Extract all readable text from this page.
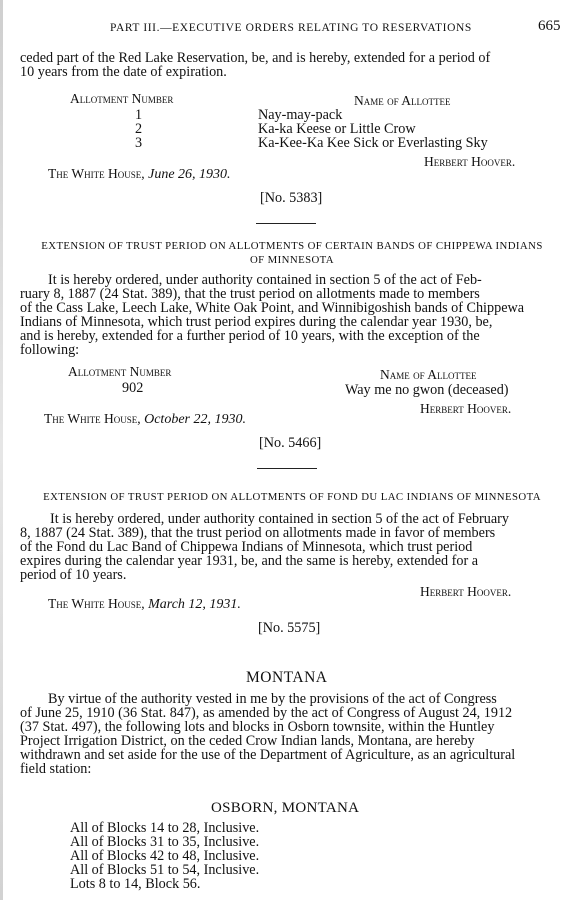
PART III.—EXECUTIVE ORDERS RELATING TO RESERVATIONS	665
ceded part of the Red Lake Reservation, be, and is hereby, extended for a period of
10 years from the date of expiration.
Allotment Number	Name of Allottee
1	Nay-may-pack
2	Ka-ka Keese or Little Crow
3	Ka-Kee-Ka Kee Sick or Everlasting Sky
Herbert Hoover.
The White House, June 26, 1930.
[No. 5383]
EXTENSION OF TRUST PERIOD ON ALLOTMENTS OF CERTAIN BANDS OF CHIPPEWA INDIANS
OF MINNESOTA
It is hereby ordered, under authority contained in section 5 of the act of Feb-
ruary 8, 1887 (24 Stat. 389), that the trust period on allotments made to members
of the Cass Lake, Leech Lake, White Oak Point, and Winnibigoshish bands of Chippewa
Indians of Minnesota, which trust period expires during the calendar year 1930, be,
and is hereby, extended for a further period of 10 years, with the exception of the
following:
Allotment Number	Name of Allottee
902	Way me no gwon (deceased)
Herbert Hoover.
The White House, October 22, 1930.
[No. 5466]
EXTENSION OF TRUST PERIOD ON ALLOTMENTS OF FOND DU LAC INDIANS OF MINNESOTA
It is hereby ordered, under authority contained in section 5 of the act of February
8, 1887 (24 Stat. 389), that the trust period on allotments made in favor of members
of the Fond du Lac Band of Chippewa Indians of Minnesota, which trust period
expires during the calendar year 1931, be, and the same is hereby, extended for a
period of 10 years.
Herbert Hoover.
The White House, March 12, 1931.
[No. 5575]
MONTANA
By virtue of the authority vested in me by the provisions of the act of Congress
of June 25, 1910 (36 Stat. 847), as amended by the act of Congress of August 24, 1912
(37 Stat. 497), the following lots and blocks in Osborn townsite, within the Huntley
Project Irrigation District, on the ceded Crow Indian lands, Montana, are hereby
withdrawn and set aside for the use of the Department of Agriculture, as an agricultural
field station:
OSBORN, MONTANA
All of Blocks 14 to 28, Inclusive.
All of Blocks 31 to 35, Inclusive.
All of Blocks 42 to 48, Inclusive.
All of Blocks 51 to 54, Inclusive.
Lots 8 to 14, Block 56.
